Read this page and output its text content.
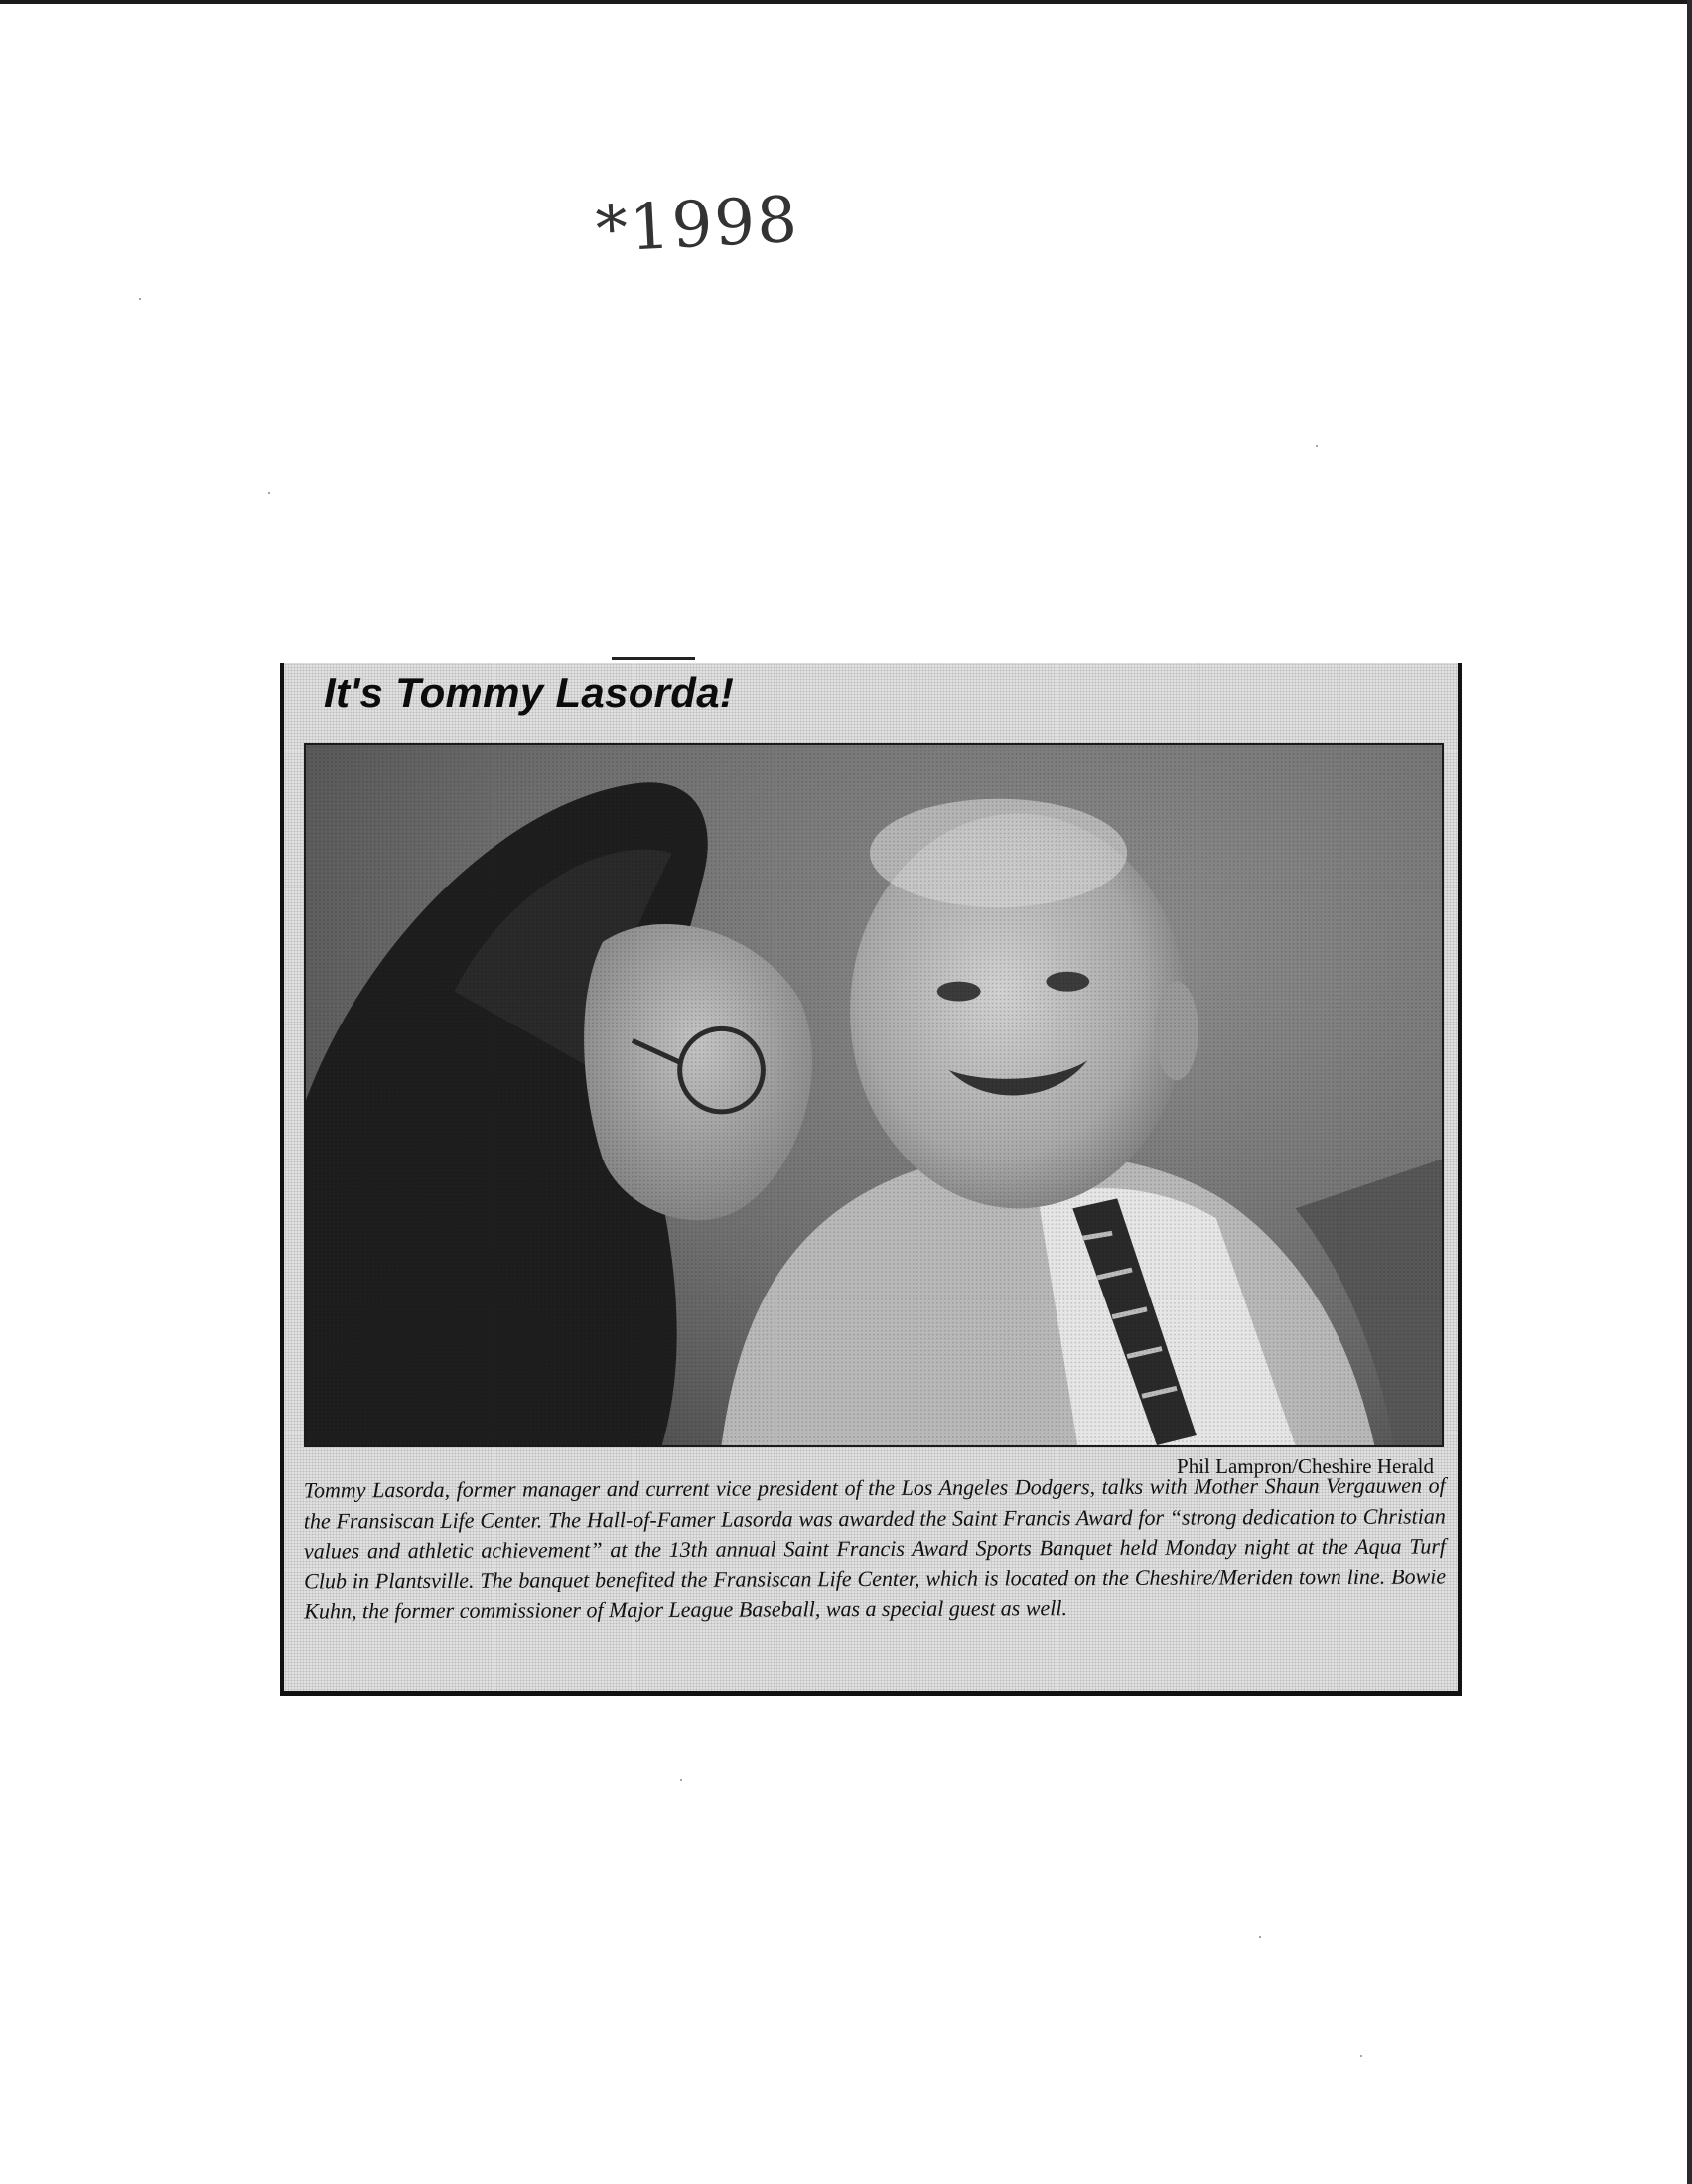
*1998
It's Tommy Lasorda!
Phil Lampron/Cheshire Herald

Tommy Lasorda, former manager and current vice president of the Los Angeles Dodgers, talks with Mother Shaun Vergauwen of the Fransiscan Life Center. The Hall-of-Famer Lasorda was awarded the Saint Francis Award for “strong dedication to Christian values and athletic achievement” at the 13th annual Saint Francis Award Sports Banquet held Monday night at the Aqua Turf Club in Plantsville. The banquet benefited the Fransiscan Life Center, which is located on the Cheshire/Meriden town line. Bowie Kuhn, the former commissioner of Major League Baseball, was a special guest as well.
